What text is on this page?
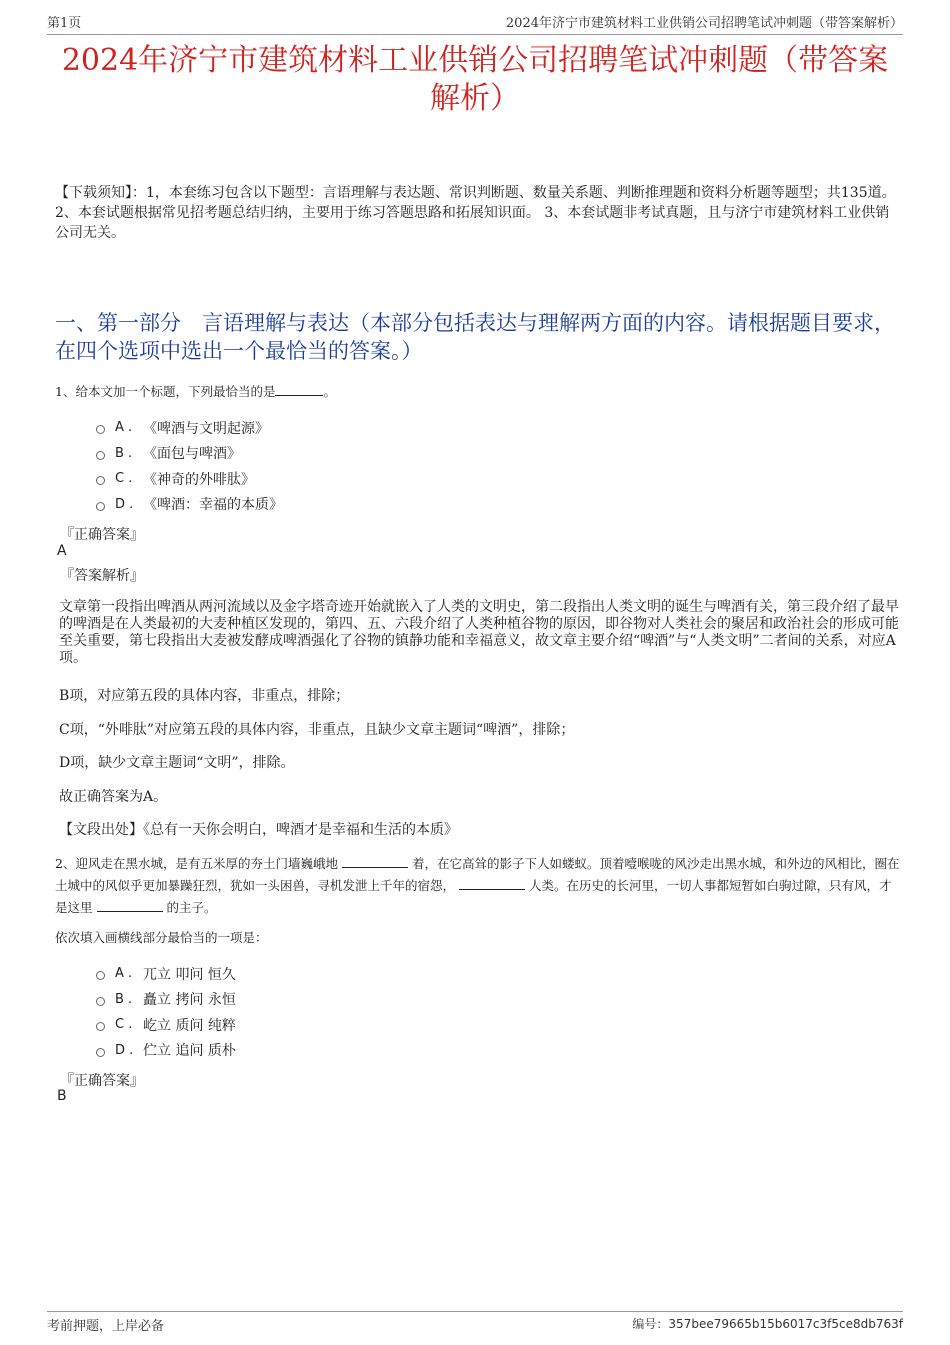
第1页	2024年济宁市建筑材料工业供销公司招聘笔试冲刺题（带答案解析）
2024年济宁市建筑材料工业供销公司招聘笔试冲刺题（带答案解析）
【下载须知】：1，本套练习包含以下题型：言语理解与表达题、常识判断题、数量关系题、判断推理题和资料分析题等题型；共135道。 2、本套试题根据常见招考题总结归纳，主要用于练习答题思路和拓展知识面。 3、本套试题非考试真题，且与济宁市建筑材料工业供销公司无关。
一、第一部分　言语理解与表达（本部分包括表达与理解两方面的内容。请根据题目要求，在四个选项中选出一个最恰当的答案。）
1、给本文加一个标题，下列最恰当的是	。
A . 《啤酒与文明起源》
B . 《面包与啤酒》
C . 《神奇的外啡肽》
D . 《啤酒：幸福的本质》
『正确答案』
A
『答案解析』
文章第一段指出啤酒从两河流域以及金字塔奇迹开始就嵌入了人类的文明史，第二段指出人类文明的诞生与啤酒有关，第三段介绍了最早的啤酒是在人类最初的大麦种植区发现的，第四、五、六段介绍了人类种植谷物的原因，即谷物对人类社会的聚居和政治社会的形成可能至关重要，第七段指出大麦被发酵成啤酒强化了谷物的镇静功能和幸福意义，故文章主要介绍“啤酒”与“人类文明”二者间的关系，对应A项。
B项，对应第五段的具体内容，非重点，排除；
C项，“外啡肽”对应第五段的具体内容，非重点，且缺少文章主题词“啤酒”，排除；
D项，缺少文章主题词“文明”，排除。
故正确答案为A。
【文段出处】《总有一天你会明白，啤酒才是幸福和生活的本质》
2、迎风走在黑水城，是有五米厚的夯土门墙巍峨地	着，在它高耸的影子下人如蝼蚁。顶着噎喉咙的风沙走出黑水城，和外边的风相比，圈在土城中的风似乎更加暴躁狂烈，犹如一头困兽，寻机发泄上千年的宿怨，	人类。在历史的长河里，一切人事都短暂如白驹过隙，只有风，才是这里	的主子。
依次填入画横线部分最恰当的一项是：
A . 兀立 叩问 恒久
B . 矗立 拷问 永恒
C . 屹立 质问 纯粹
D . 伫立 追问 质朴
『正确答案』
B
考前押题，上岸必备	编号：357bee79665b15b6017c3f5ce8db763f
